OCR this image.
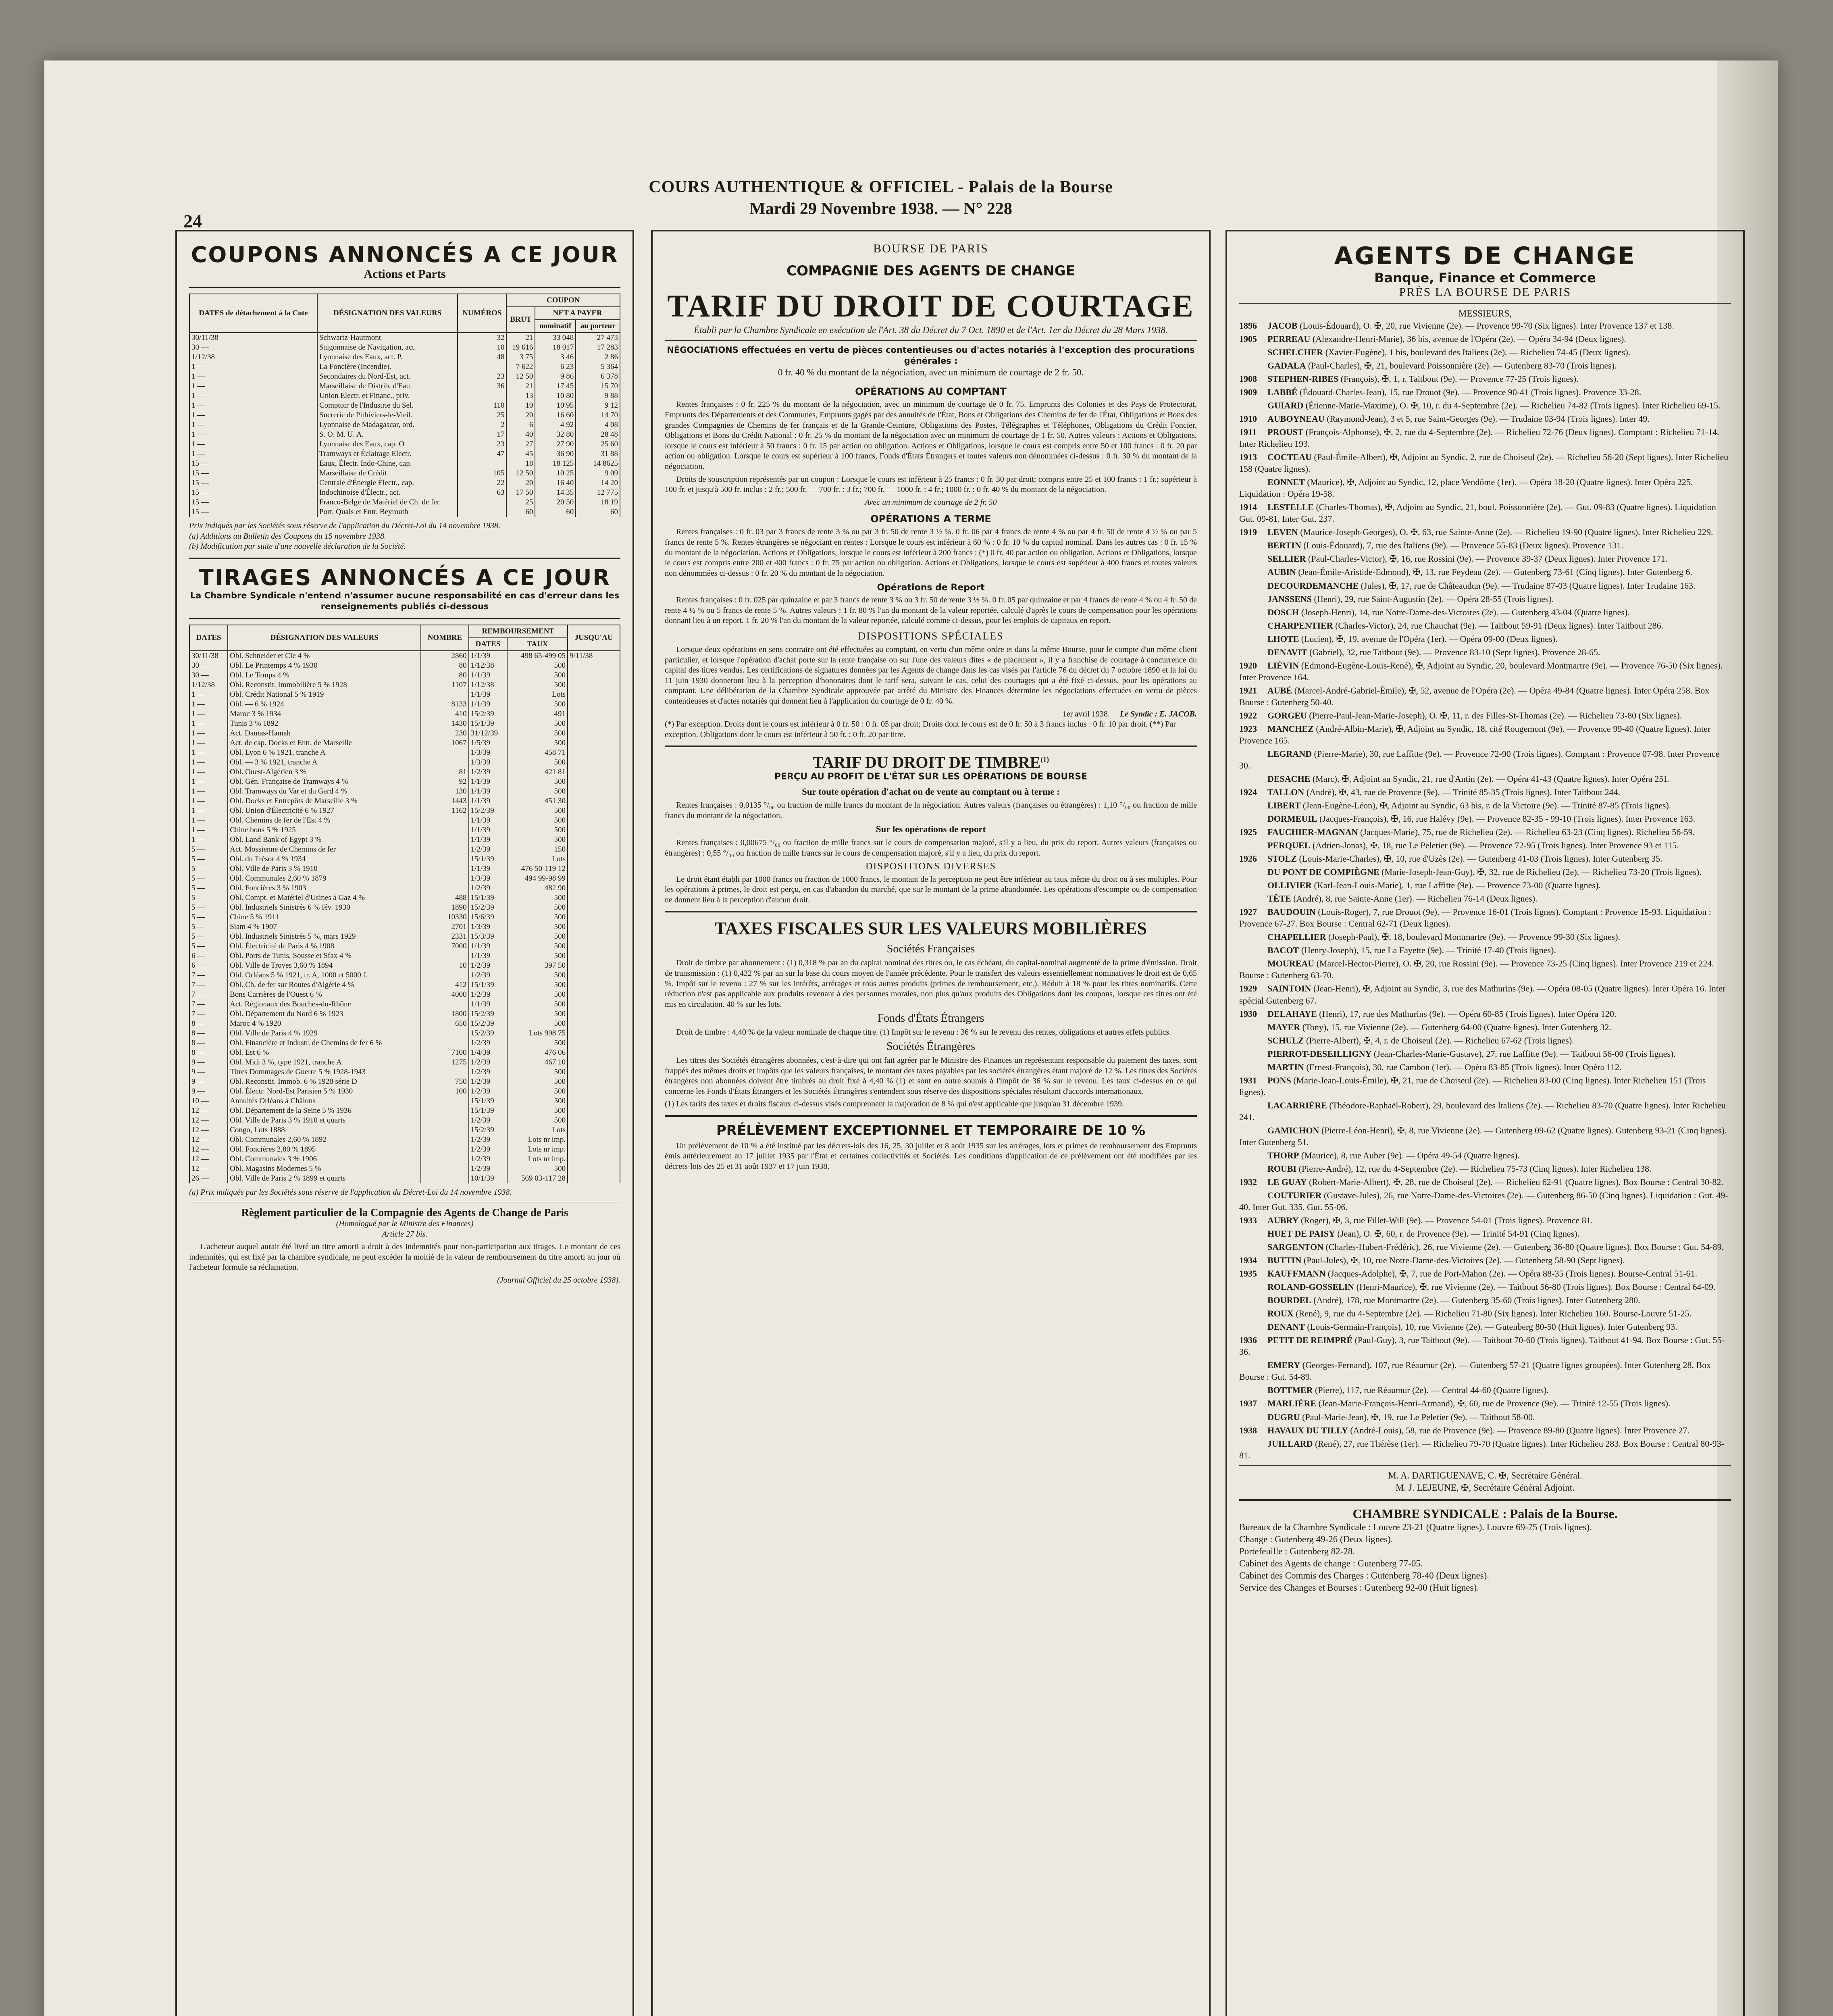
COURS AUTHENTIQUE & OFFICIEL - Palais de la Bourse
Mardi 29 Novembre 1938. — N° 228
24
COUPONS ANNONCÉS A CE JOUR
Actions et Parts
DATES de détachement à la Cote	DÉSIGNATION DES VALEURS	NUMÉROS	COUPON		
			BRUT	NET A PAYER	
				nominatif	au porteur
30/11/38	Schwartz-Hautmont	32	21	33 048	27 473
30 —	Saigonnaise de Navigation, act.	10	19 616	18 017	17 283
1/12/38	Lyonnaise des Eaux, act. P.	48	3 75	3 46	2 86
1 —	La Foncière (Incendie).		7 622	6 23	5 364
1 —	Secondaires du Nord-Est, act.	23	12 50	9 86	6 378
1 —	Marseillaise de Distrib. d'Eau	36	21	17 45	15 70
1 —	Union Electr. et Financ., priv.		13	10 80	9 88
1 —	Comptoir de l'Industrie du Sel.	110	10	10 95	9 12
1 —	Sucrerie de Pithiviers-le-Vieil.	25	20	16 60	14 70
1 —	Lyonnaise de Madagascar, ord.	2	6	4 92	4 08
1 —	S. O. M. U. A.	17	40	32 80	28 48
1 —	Lyonnaise des Eaux, cap. O	23	27	27 90	25 60
1 —	Tramways et Éclairage Electr.	47	45	36 90	31 88
15 —	Eaux, Électr. Indo-Chine, cap.		18	18 125	14 8625
15 —	Marseillaise de Crédit	105	12 50	10 25	9 09
15 —	Centrale d'Énergie Électr., cap.	22	20	16 40	14 20
15 —	Indochinoise d'Électr., act.	63	17 50	14 35	12 775
15 —	Franco-Belge de Matériel de Ch. de fer		25	20 50	18 19
15 —	Port, Quais et Entr. Beyrouth		60	60	60
Prix indiqués par les Sociétés sous réserve de l'application du Décret-Loi du 14 novembre 1938.
(a) Additions au Bulletin des Coupons du 15 novembre 1938.
(b) Modification par suite d'une nouvelle déclaration de la Société.
TIRAGES ANNONCÉS A CE JOUR
La Chambre Syndicale n'entend n'assumer aucune responsabilité en cas d'erreur dans les renseignements publiés ci-dessous
DATES	DÉSIGNATION DES VALEURS	NOMBRE	REMBOURSEMENT		JUSQU'AU
			DATES	TAUX	
30/11/38	Obl. Schneider et Cie 4 %	2860	1/1/39	498 65-499 05	9/11/38
30 —	Obl. Le Printemps 4 % 1930	80	1/12/38	500	
30 —	Obl. Le Temps 4 %	80	1/1/39	500	
1/12/38	Obl. Reconstit. Immobilière 5 % 1928	1107	1/12/38	500	
1 —	Obl. Crédit National 5 % 1919		1/1/39	Lots	
1 —	Obl. — 6 % 1924	8133	1/1/39	500	
1 —	Maroc 3 % 1934	410	15/2/39	491	
1 —	Tunis 3 % 1892	1430	15/1/39	500	
1 —	Act. Damas-Hamah	230	31/12/39	500	
1 —	Act. de cap. Docks et Entr. de Marseille	1067	1/5/39	500	
1 —	Obl. Lyon 6 % 1921, tranche A		1/3/39	458 71	
1 —	Obl. — 3 % 1921, tranche A		1/3/39	500	
1 —	Obl. Ouest-Algérien 3 %	81	1/2/39	421 81	
1 —	Obl. Gén. Française de Tramways 4 %	92	1/1/39	500	
1 —	Obl. Tramways du Var et du Gard 4 %	130	1/1/39	500	
1 —	Obl. Docks et Entrepôts de Marseille 3 %	1443	1/1/39	451 30	
1 —	Obl. Union d'Électricité 6 % 1927	1162	15/2/39	500	
1 —	Obl. Chemins de fer de l'Est 4 %		1/1/39	500	
1 —	Chine bons 5 % 1925		1/1/39	500	
1 —	Obl. Land Bank of Egypt 3 %		1/1/39	500	
5 —	Act. Mossienne de Chemins de fer		1/2/39	150	
5 —	Obl. du Trésor 4 % 1934		15/1/39	Lots	
5 —	Obl. Ville de Paris 3 % 1910		1/1/39	476 50-119 12	
5 —	Obl. Communales 2,60 % 1879		1/3/39	494 99-98 99	
5 —	Obl. Foncières 3 % 1903		1/2/39	482 90	
5 —	Obl. Compt. et Matériel d'Usines à Gaz 4 %	488	15/1/39	500	
5 —	Obl. Industriels Sinistrés 6 % fév. 1930	1890	15/2/39	500	
5 —	Chine 5 % 1911	10330	15/6/39	500	
5 —	Siam 4 % 1907	2701	1/3/39	500	
5 —	Obl. Industriels Sinistrés 5 %, mars 1929	2331	15/3/39	500	
5 —	Obl. Électricité de Paris 4 % 1908	7000	1/1/39	500	
6 —	Obl. Ports de Tunis, Sousse et Sfax 4 %		1/1/39	500	
6 —	Obl. Ville de Troyes 3,60 % 1894	10	1/2/39	397 50	
7 —	Obl. Orléans 5 % 1921, tr. A, 1000 et 5000 f.		1/2/39	500	
7 —	Obl. Ch. de fer sur Routes d'Algérie 4 %	412	15/1/39	500	
7 —	Bons Carrières de l'Ouest 6 %	4000	1/2/39	500	
7 —	Act. Régionaux des Bouches-du-Rhône		1/1/39	500	
7 —	Obl. Département du Nord 6 % 1923	1800	15/2/39	500	
8 —	Maroc 4 % 1920	650	15/2/39	500	
8 —	Obl. Ville de Paris 4 % 1929		15/2/39	Lots 998 75	
8 —	Obl. Financière et Industr. de Chemins de fer 6 %		1/2/39	500	
8 —	Obl. Est 6 %	7100	1/4/39	476 06	
9 —	Obl. Midi 3 %, type 1921, tranche A	1275	1/2/39	467 10	
9 —	Titres Dommages de Guerre 5 % 1928-1943		1/2/39	500	
9 —	Obl. Reconstit. Immob. 6 % 1928 série D	750	1/2/39	500	
9 —	Obl. Électr. Nord-Est Parisien 5 % 1930	100	1/2/39	500	
10 —	Annuités Orléans à Châlons		15/1/39	500	
12 —	Obl. Département de la Seine 5 % 1936		15/1/39	500	
12 —	Obl. Ville de Paris 3 % 1910 et quarts		1/2/39	500	
12 —	Congo, Lots 1888		15/2/39	Lots	
12 —	Obl. Communales 2,60 % 1892		1/2/39	Lots nr imp.	
12 —	Obl. Foncières 2,80 % 1895		1/2/39	Lots nr imp.	
12 —	Obl. Communales 3 % 1906		1/2/39	Lots nr imp.	
12 —	Obl. Magasins Modernes 5 %		1/2/39	500	
26 —	Obl. Ville de Paris 2 % 1899 et quarts		10/1/39	569 03-117 28	
(a) Prix indiqués par les Sociétés sous réserve de l'application du Décret-Loi du 14 novembre 1938.
Règlement particulier de la Compagnie des Agents de Change de Paris
(Homologué par le Ministre des Finances)
Article 27 bis.

L'acheteur auquel aurait été livré un titre amorti a droit à des indemnités pour non-participation aux tirages. Le montant de ces indemnités, qui est fixé par la chambre syndicale, ne peut excéder la moitié de la valeur de remboursement du titre amorti au jour où l'acheteur formule sa réclamation.

(Journal Officiel du 25 octobre 1938).
BOURSE DE PARIS
COMPAGNIE DES AGENTS DE CHANGE
TARIF DU DROIT DE COURTAGE
Établi par la Chambre Syndicale en exécution de l'Art. 38 du Décret du 7 Oct. 1890 et de l'Art. 1er du Décret du 28 Mars 1938.
NÉGOCIATIONS effectuées en vertu de pièces contentieuses ou d'actes notariés à l'exception des procurations générales :
0 fr. 40 % du montant de la négociation, avec un minimum de courtage de 2 fr. 50.
OPÉRATIONS AU COMPTANT

Rentes françaises : 0 fr. 225 % du montant de la négociation, avec un minimum de courtage de 0 fr. 75. Emprunts des Colonies et des Pays de Protectorat, Emprunts des Départements et des Communes, Emprunts gagés par des annuités de l'État, Bons et Obligations des Chemins de fer de l'État, Obligations et Bons des grandes Compagnies de Chemins de fer français et de la Grande-Ceinture, Obligations des Postes, Télégraphes et Téléphones, Obligations du Crédit Foncier, Obligations et Bons du Crédit National : 0 fr. 25 % du montant de la négociation avec un minimum de courtage de 1 fr. 50. Autres valeurs : Actions et Obligations, lorsque le cours est inférieur à 50 francs : 0 fr. 15 par action ou obligation. Actions et Obligations, lorsque le cours est compris entre 50 et 100 francs : 0 fr. 20 par action ou obligation. Lorsque le cours est supérieur à 100 francs, Fonds d'États Étrangers et toutes valeurs non dénommées ci-dessus : 0 fr. 30 % du montant de la négociation.

Droits de souscription représentés par un coupon : Lorsque le cours est inférieur à 25 francs : 0 fr. 30 par droit; compris entre 25 et 100 francs : 1 fr.; supérieur à 100 fr. et jusqu'à 500 fr. inclus : 2 fr.; 500 fr. — 700 fr. : 3 fr.; 700 fr. — 1000 fr. : 4 fr.; 1000 fr. : 0 fr. 40 % du montant de la négociation.

Avec un minimum de courtage de 2 fr. 50
OPÉRATIONS A TERME

Rentes françaises : 0 fr. 03 par 3 francs de rente 3 % ou par 3 fr. 50 de rente 3 ½ %. 0 fr. 06 par 4 francs de rente 4 % ou par 4 fr. 50 de rente 4 ½ % ou par 5 francs de rente 5 %. Rentes étrangères se négociant en rentes : Lorsque le cours est inférieur à 60 % : 0 fr. 10 % du capital nominal. Dans les autres cas : 0 fr. 15 % du montant de la négociation. Actions et Obligations, lorsque le cours est inférieur à 200 francs : (*) 0 fr. 40 par action ou obligation. Actions et Obligations, lorsque le cours est compris entre 200 et 400 francs : 0 fr. 75 par action ou obligation. Actions et Obligations, lorsque le cours est supérieur à 400 francs et toutes valeurs non dénommées ci-dessus : 0 fr. 20 % du montant de la négociation.

Opérations de Report

Rentes françaises : 0 fr. 025 par quinzaine et par 3 francs de rente 3 % ou 3 fr. 50 de rente 3 ½ %. 0 fr. 05 par quinzaine et par 4 francs de rente 4 % ou 4 fr. 50 de rente 4 ½ % ou 5 francs de rente 5 %. Autres valeurs : 1 fr. 80 % l'an du montant de la valeur reportée, calculé d'après le cours de compensation pour les opérations donnant lieu à un report. 1 fr. 20 % l'an du montant de la valeur reportée, calculé comme ci-dessus, pour les emplois de capitaux en report.

DISPOSITIONS SPÉCIALES

Lorsque deux opérations en sens contraire ont été effectuées au comptant, en vertu d'un même ordre et dans la même Bourse, pour le compte d'un même client particulier, et lorsque l'opération d'achat porte sur la rente française ou sur l'une des valeurs dites « de placement », il y a franchise de courtage à concurrence du capital des titres vendus. Les certifications de signatures données par les Agents de change dans les cas visés par l'article 76 du décret du 7 octobre 1890 et la loi du 11 juin 1930 donneront lieu à la perception d'honoraires dont le tarif sera, suivant le cas, celui des courtages qui a été fixé ci-dessus, pour les opérations au comptant. Une délibération de la Chambre Syndicale approuvée par arrêté du Ministre des Finances détermine les négociations effectuées en vertu de pièces contentieuses et d'actes notariés qui donnent lieu à l'application du courtage de 0 fr. 40 %.

1er avril 1938. Le Syndic : E. JACOB.
(*) Par exception. Droits dont le cours est inférieur à 0 fr. 50 : 0 fr. 05 par droit; Droits dont le cours est de 0 fr. 50 à 3 francs inclus : 0 fr. 10 par droit. (**) Par exception. Obligations dont le cours est inférieur à 50 fr. : 0 fr. 20 par titre.
TARIF DU DROIT DE TIMBRE$^{(1)}$
PERÇU AU PROFIT DE L'ÉTAT SUR LES OPÉRATIONS DE BOURSE
Sur toute opération d'achat ou de vente au comptant ou à terme :

Rentes françaises : 0,0135 °/₀₀ ou fraction de mille francs du montant de la négociation. Autres valeurs (françaises ou étrangères) : 1,10 °/₀₀ ou fraction de mille francs du montant de la négociation.

Sur les opérations de report

Rentes françaises : 0,00675 °/₀₀ ou fraction de mille francs sur le cours de compensation majoré, s'il y a lieu, du prix du report. Autres valeurs (françaises ou étrangères) : 0,55 °/₀₀ ou fraction de mille francs sur le cours de compensation majoré, s'il y a lieu, du prix du report.

DISPOSITIONS DIVERSES

Le droit étant établi par 1000 francs ou fraction de 1000 francs, le montant de la perception ne peut être inférieur au taux même du droit ou à ses multiples. Pour les opérations à primes, le droit est perçu, en cas d'abandon du marché, que sur le montant de la prime abandonnée. Les opérations d'escompte ou de compensation ne donnent lieu à la perception d'aucun droit.

TAXES FISCALES SUR LES VALEURS MOBILIÈRES
Sociétés Françaises

Droit de timbre par abonnement : (1) 0,318 % par an du capital nominal des titres ou, le cas échéant, du capital-nominal augmenté de la prime d'émission. Droit de transmission : (1) 0,432 % par an sur la base du cours moyen de l'année précédente. Pour le transfert des valeurs essentiellement nominatives le droit est de 0,65 %. Impôt sur le revenu : 27 % sur les intérêts, arrérages et tous autres produits (primes de remboursement, etc.). Réduit à 18 % pour les titres nominatifs. Cette réduction n'est pas applicable aux produits revenant à des personnes morales, non plus qu'aux produits des Obligations dont les coupons, lorsque ces titres ont été mis en circulation. 40 % sur les lots.

Fonds d'États Étrangers

Droit de timbre : 4,40 % de la valeur nominale de chaque titre. (1) Impôt sur le revenu : 36 % sur le revenu des rentes, obligations et autres effets publics.

Sociétés Étrangères

Les titres des Sociétés étrangères abonnées, c'est-à-dire qui ont fait agréer par le Ministre des Finances un représentant responsable du paiement des taxes, sont frappés des mêmes droits et impôts que les valeurs françaises, le montant des taxes payables par les sociétés étrangères étant majoré de 12 %. Les titres des Sociétés étrangères non abonnées doivent être timbrés au droit fixé à 4,40 % (1) et sont en outre soumis à l'impôt de 36 % sur le revenu. Les taux ci-dessus en ce qui concerne les Fonds d'États Étrangers et les Sociétés Étrangères s'entendent sous réserve des dispositions spéciales résultant d'accords internationaux.

(1) Les tarifs des taxes et droits fiscaux ci-dessus visés comprennent la majoration de 8 % qui n'est applicable que jusqu'au 31 décembre 1939.
PRÉLÈVEMENT EXCEPTIONNEL ET TEMPORAIRE DE 10 %

Un prélèvement de 10 % a été institué par les décrets-lois des 16, 25, 30 juillet et 8 août 1935 sur les arrérages, lots et primes de remboursement des Emprunts émis antérieurement au 17 juillet 1935 par l'État et certaines collectivités et Sociétés. Les conditions d'application de ce prélèvement ont été modifiées par les décrets-lois des 25 et 31 août 1937 et 17 juin 1938.

AGENTS DE CHANGE
Banque, Finance et Commerce
PRÈS LA BOURSE DE PARIS
MESSIEURS,
1896 JACOB (Louis-Édouard), O. ✠, 20, rue Vivienne (2e). — Provence 99-70 (Six lignes). Inter Provence 137 et 138.
1905 PERREAU (Alexandre-Henri-Marie), 36 bis, avenue de l'Opéra (2e). — Opéra 34-94 (Deux lignes).
SCHELCHER (Xavier-Eugène), 1 bis, boulevard des Italiens (2e). — Richelieu 74-45 (Deux lignes).
GADALA (Paul-Charles), ✠, 21, boulevard Poissonnière (2e). — Gutenberg 83-70 (Trois lignes).
1908 STEPHEN-RIBES (François), ✠, 1, r. Taitbout (9e). — Provence 77-25 (Trois lignes).
1909 LABBÉ (Édouard-Charles-Jean), 15, rue Drouot (9e). — Provence 90-41 (Trois lignes). Provence 33-28.
GUIARD (Étienne-Marie-Maxime), O. ✠, 10, r. du 4-Septembre (2e). — Richelieu 74-82 (Trois lignes). Inter Richelieu 69-15.
1910 AUBOYNEAU (Raymond-Jean), 3 et 5, rue Saint-Georges (9e). — Trudaine 03-94 (Trois lignes). Inter 49.
1911 PROUST (François-Alphonse), ✠, 2, rue du 4-Septembre (2e). — Richelieu 72-76 (Deux lignes). Comptant : Richelieu 71-14. Inter Richelieu 193.
1913 COCTEAU (Paul-Émile-Albert), ✠, Adjoint au Syndic, 2, rue de Choiseul (2e). — Richelieu 56-20 (Sept lignes). Inter Richelieu 158 (Quatre lignes).
EONNET (Maurice), ✠, Adjoint au Syndic, 12, place Vendôme (1er). — Opéra 18-20 (Quatre lignes). Inter Opéra 225. Liquidation : Opéra 19-58.
1914 LESTELLE (Charles-Thomas), ✠, Adjoint au Syndic, 21, boul. Poissonnière (2e). — Gut. 09-83 (Quatre lignes). Liquidation Gut. 09-81. Inter Gut. 237.
1919 LEVEN (Maurice-Joseph-Georges), O. ✠, 63, rue Sainte-Anne (2e). — Richelieu 19-90 (Quatre lignes). Inter Richelieu 229.
BERTIN (Louis-Édouard), 7, rue des Italiens (9e). — Provence 55-83 (Deux lignes). Provence 131.
SELLIER (Paul-Charles-Victor), ✠, 16, rue Rossini (9e). — Provence 39-37 (Deux lignes). Inter Provence 171.
AUBIN (Jean-Émile-Aristide-Edmond), ✠, 13, rue Feydeau (2e). — Gutenberg 73-61 (Cinq lignes). Inter Gutenberg 6.
DECOURDEMANCHE (Jules), ✠, 17, rue de Châteaudun (9e). — Trudaine 87-03 (Quatre lignes). Inter Trudaine 163.
JANSSENS (Henri), 29, rue Saint-Augustin (2e). — Opéra 28-55 (Trois lignes).
DOSCH (Joseph-Henri), 14, rue Notre-Dame-des-Victoires (2e). — Gutenberg 43-04 (Quatre lignes).
CHARPENTIER (Charles-Victor), 24, rue Chauchat (9e). — Taitbout 59-91 (Deux lignes). Inter Taitbout 286.
LHOTE (Lucien), ✠, 19, avenue de l'Opéra (1er). — Opéra 09-00 (Deux lignes).
DENAVIT (Gabriel), 32, rue Taitbout (9e). — Provence 83-10 (Sept lignes). Provence 28-65.
1920 LIÉVIN (Edmond-Eugène-Louis-René), ✠, Adjoint au Syndic, 20, boulevard Montmartre (9e). — Provence 76-50 (Six lignes). Inter Provence 164.
1921 AUBÉ (Marcel-André-Gabriel-Émile), ✠, 52, avenue de l'Opéra (2e). — Opéra 49-84 (Quatre lignes). Inter Opéra 258. Box Bourse : Gutenberg 50-40.
1922 GORGEU (Pierre-Paul-Jean-Marie-Joseph), O. ✠, 11, r. des Filles-St-Thomas (2e). — Richelieu 73-80 (Six lignes).
1923 MANCHEZ (André-Albin-Marie), ✠, Adjoint au Syndic, 18, cité Rougemont (9e). — Provence 99-40 (Quatre lignes). Inter Provence 165.
LEGRAND (Pierre-Marie), 30, rue Laffitte (9e). — Provence 72-90 (Trois lignes). Comptant : Provence 07-98. Inter Provence 30.
DESACHE (Marc), ✠, Adjoint au Syndic, 21, rue d'Antin (2e). — Opéra 41-43 (Quatre lignes). Inter Opéra 251.
1924 TALLON (André), ✠, 43, rue de Provence (9e). — Trinité 85-35 (Trois lignes). Inter Taitbout 244.
LIBERT (Jean-Eugène-Léon), ✠, Adjoint au Syndic, 63 bis, r. de la Victoire (9e). — Trinité 87-85 (Trois lignes).
DORMEUIL (Jacques-François), ✠, 16, rue Halévy (9e). — Provence 82-35 - 99-10 (Trois lignes). Inter Provence 163.
1925 FAUCHIER-MAGNAN (Jacques-Marie), 75, rue de Richelieu (2e). — Richelieu 63-23 (Cinq lignes). Richelieu 56-59.
PERQUEL (Adrien-Jonas), ✠, 18, rue Le Peletier (9e). — Provence 72-95 (Trois lignes). Inter Provence 93 et 115.
1926 STOLZ (Louis-Marie-Charles), ✠, 10, rue d'Uzès (2e). — Gutenberg 41-03 (Trois lignes). Inter Gutenberg 35.
DU PONT DE COMPIÈGNE (Marie-Joseph-Jean-Guy), ✠, 32, rue de Richelieu (2e). — Richelieu 73-20 (Trois lignes).
OLLIVIER (Karl-Jean-Louis-Marie), 1, rue Laffitte (9e). — Provence 73-00 (Quatre lignes).
TÊTE (André), 8, rue Sainte-Anne (1er). — Richelieu 76-14 (Deux lignes).
1927 BAUDOUIN (Louis-Roger), 7, rue Drouot (9e). — Provence 16-01 (Trois lignes). Comptant : Provence 15-93. Liquidation : Provence 67-27. Box Bourse : Central 62-71 (Deux lignes).
CHAPELLIER (Joseph-Paul), ✠, 18, boulevard Montmartre (9e). — Provence 99-30 (Six lignes).
BACOT (Henry-Joseph), 15, rue La Fayette (9e). — Trinité 17-40 (Trois lignes).
MOUREAU (Marcel-Hector-Pierre), O. ✠, 20, rue Rossini (9e). — Provence 73-25 (Cinq lignes). Inter Provence 219 et 224. Bourse : Gutenberg 63-70.
1929 SAINTOIN (Jean-Henri), ✠, Adjoint au Syndic, 3, rue des Mathurins (9e). — Opéra 08-05 (Quatre lignes). Inter Opéra 16. Inter spécial Gutenberg 67.
1930 DELAHAYE (Henri), 17, rue des Mathurins (9e). — Opéra 60-85 (Trois lignes). Inter Opéra 120.
MAYER (Tony), 15, rue Vivienne (2e). — Gutenberg 64-00 (Quatre lignes). Inter Gutenberg 32.
SCHULZ (Pierre-Albert), ✠, 4, r. de Choiseul (2e). — Richelieu 67-62 (Trois lignes).
PIERROT-DESEILLIGNY (Jean-Charles-Marie-Gustave), 27, rue Laffitte (9e). — Taitbout 56-00 (Trois lignes).
MARTIN (Ernest-François), 30, rue Cambon (1er). — Opéra 83-85 (Trois lignes). Inter Opéra 112.
1931 PONS (Marie-Jean-Louis-Émile), ✠, 21, rue de Choiseul (2e). — Richelieu 83-00 (Cinq lignes). Inter Richelieu 151 (Trois lignes).
LACARRIÈRE (Théodore-Raphaël-Robert), 29, boulevard des Italiens (2e). — Richelieu 83-70 (Quatre lignes). Inter Richelieu 241.
GAMICHON (Pierre-Léon-Henri), ✠, 8, rue Vivienne (2e). — Gutenberg 09-62 (Quatre lignes). Gutenberg 93-21 (Cinq lignes). Inter Gutenberg 51.
THORP (Maurice), 8, rue Auber (9e). — Opéra 49-54 (Quatre lignes).
ROUBI (Pierre-André), 12, rue du 4-Septembre (2e). — Richelieu 75-73 (Cinq lignes). Inter Richelieu 138.
1932 LE GUAY (Robert-Marie-Albert), ✠, 28, rue de Choiseul (2e). — Richelieu 62-91 (Quatre lignes). Box Bourse : Central 30-82.
COUTURIER (Gustave-Jules), 26, rue Notre-Dame-des-Victoires (2e). — Gutenberg 86-50 (Cinq lignes). Liquidation : Gut. 49-40. Inter Gut. 335. Gut. 55-06.
1933 AUBRY (Roger), ✠, 3, rue Fillet-Will (9e). — Provence 54-01 (Trois lignes). Provence 81.
HUET DE PAISY (Jean), O. ✠, 60, r. de Provence (9e). — Trinité 54-91 (Cinq lignes).
SARGENTON (Charles-Hubert-Frédéric), 26, rue Vivienne (2e). — Gutenberg 36-80 (Quatre lignes). Box Bourse : Gut. 54-89.
1934 BUTTIN (Paul-Jules), ✠, 10, rue Notre-Dame-des-Victoires (2e). — Gutenberg 58-90 (Sept lignes).
1935 KAUFFMANN (Jacques-Adolphe), ✠, 7, rue de Port-Mahon (2e). — Opéra 88-35 (Trois lignes). Bourse-Central 51-61.
ROLAND-GOSSELIN (Henri-Maurice), ✠, rue Vivienne (2e). — Taitbout 56-80 (Trois lignes). Box Bourse : Central 64-09.
BOURDEL (André), 178, rue Montmartre (2e). — Gutenberg 35-60 (Trois lignes). Inter Gutenberg 280.
ROUX (René), 9, rue du 4-Septembre (2e). — Richelieu 71-80 (Six lignes). Inter Richelieu 160. Bourse-Louvre 51-25.
DENANT (Louis-Germain-François), 10, rue Vivienne (2e). — Gutenberg 80-50 (Huit lignes). Inter Gutenberg 93.
1936 PETIT DE REIMPRÉ (Paul-Guy), 3, rue Taitbout (9e). — Taitbout 70-60 (Trois lignes). Taitbout 41-94. Box Bourse : Gut. 55-36.
EMERY (Georges-Fernand), 107, rue Réaumur (2e). — Gutenberg 57-21 (Quatre lignes groupées). Inter Gutenberg 28. Box Bourse : Gut. 54-89.
BOTTMER (Pierre), 117, rue Réaumur (2e). — Central 44-60 (Quatre lignes).
1937 MARLIÈRE (Jean-Marie-François-Henri-Armand), ✠, 60, rue de Provence (9e). — Trinité 12-55 (Trois lignes).
DUGRU (Paul-Marie-Jean), ✠, 19, rue Le Peletier (9e). — Taitbout 58-00.
1938 HAVAUX DU TILLY (André-Louis), 58, rue de Provence (9e). — Provence 89-80 (Quatre lignes). Inter Provence 27.
JUILLARD (René), 27, rue Thérèse (1er). — Richelieu 79-70 (Quatre lignes). Inter Richelieu 283. Box Bourse : Central 80-93-81.
M. A. DARTIGUENAVE, C. ✠, Secrétaire Général.
M. J. LEJEUNE, ✠, Secrétaire Général Adjoint.
CHAMBRE SYNDICALE : Palais de la Bourse.
Bureaux de la Chambre Syndicale : Louvre 23-21 (Quatre lignes). Louvre 69-75 (Trois lignes).
Change : Gutenberg 49-26 (Deux lignes).
Portefeuille : Gutenberg 82-28.
Cabinet des Agents de change : Gutenberg 77-05.
Cabinet des Commis des Charges : Gutenberg 78-40 (Deux lignes).
Service des Changes et Bourses : Gutenberg 92-00 (Huit lignes).
